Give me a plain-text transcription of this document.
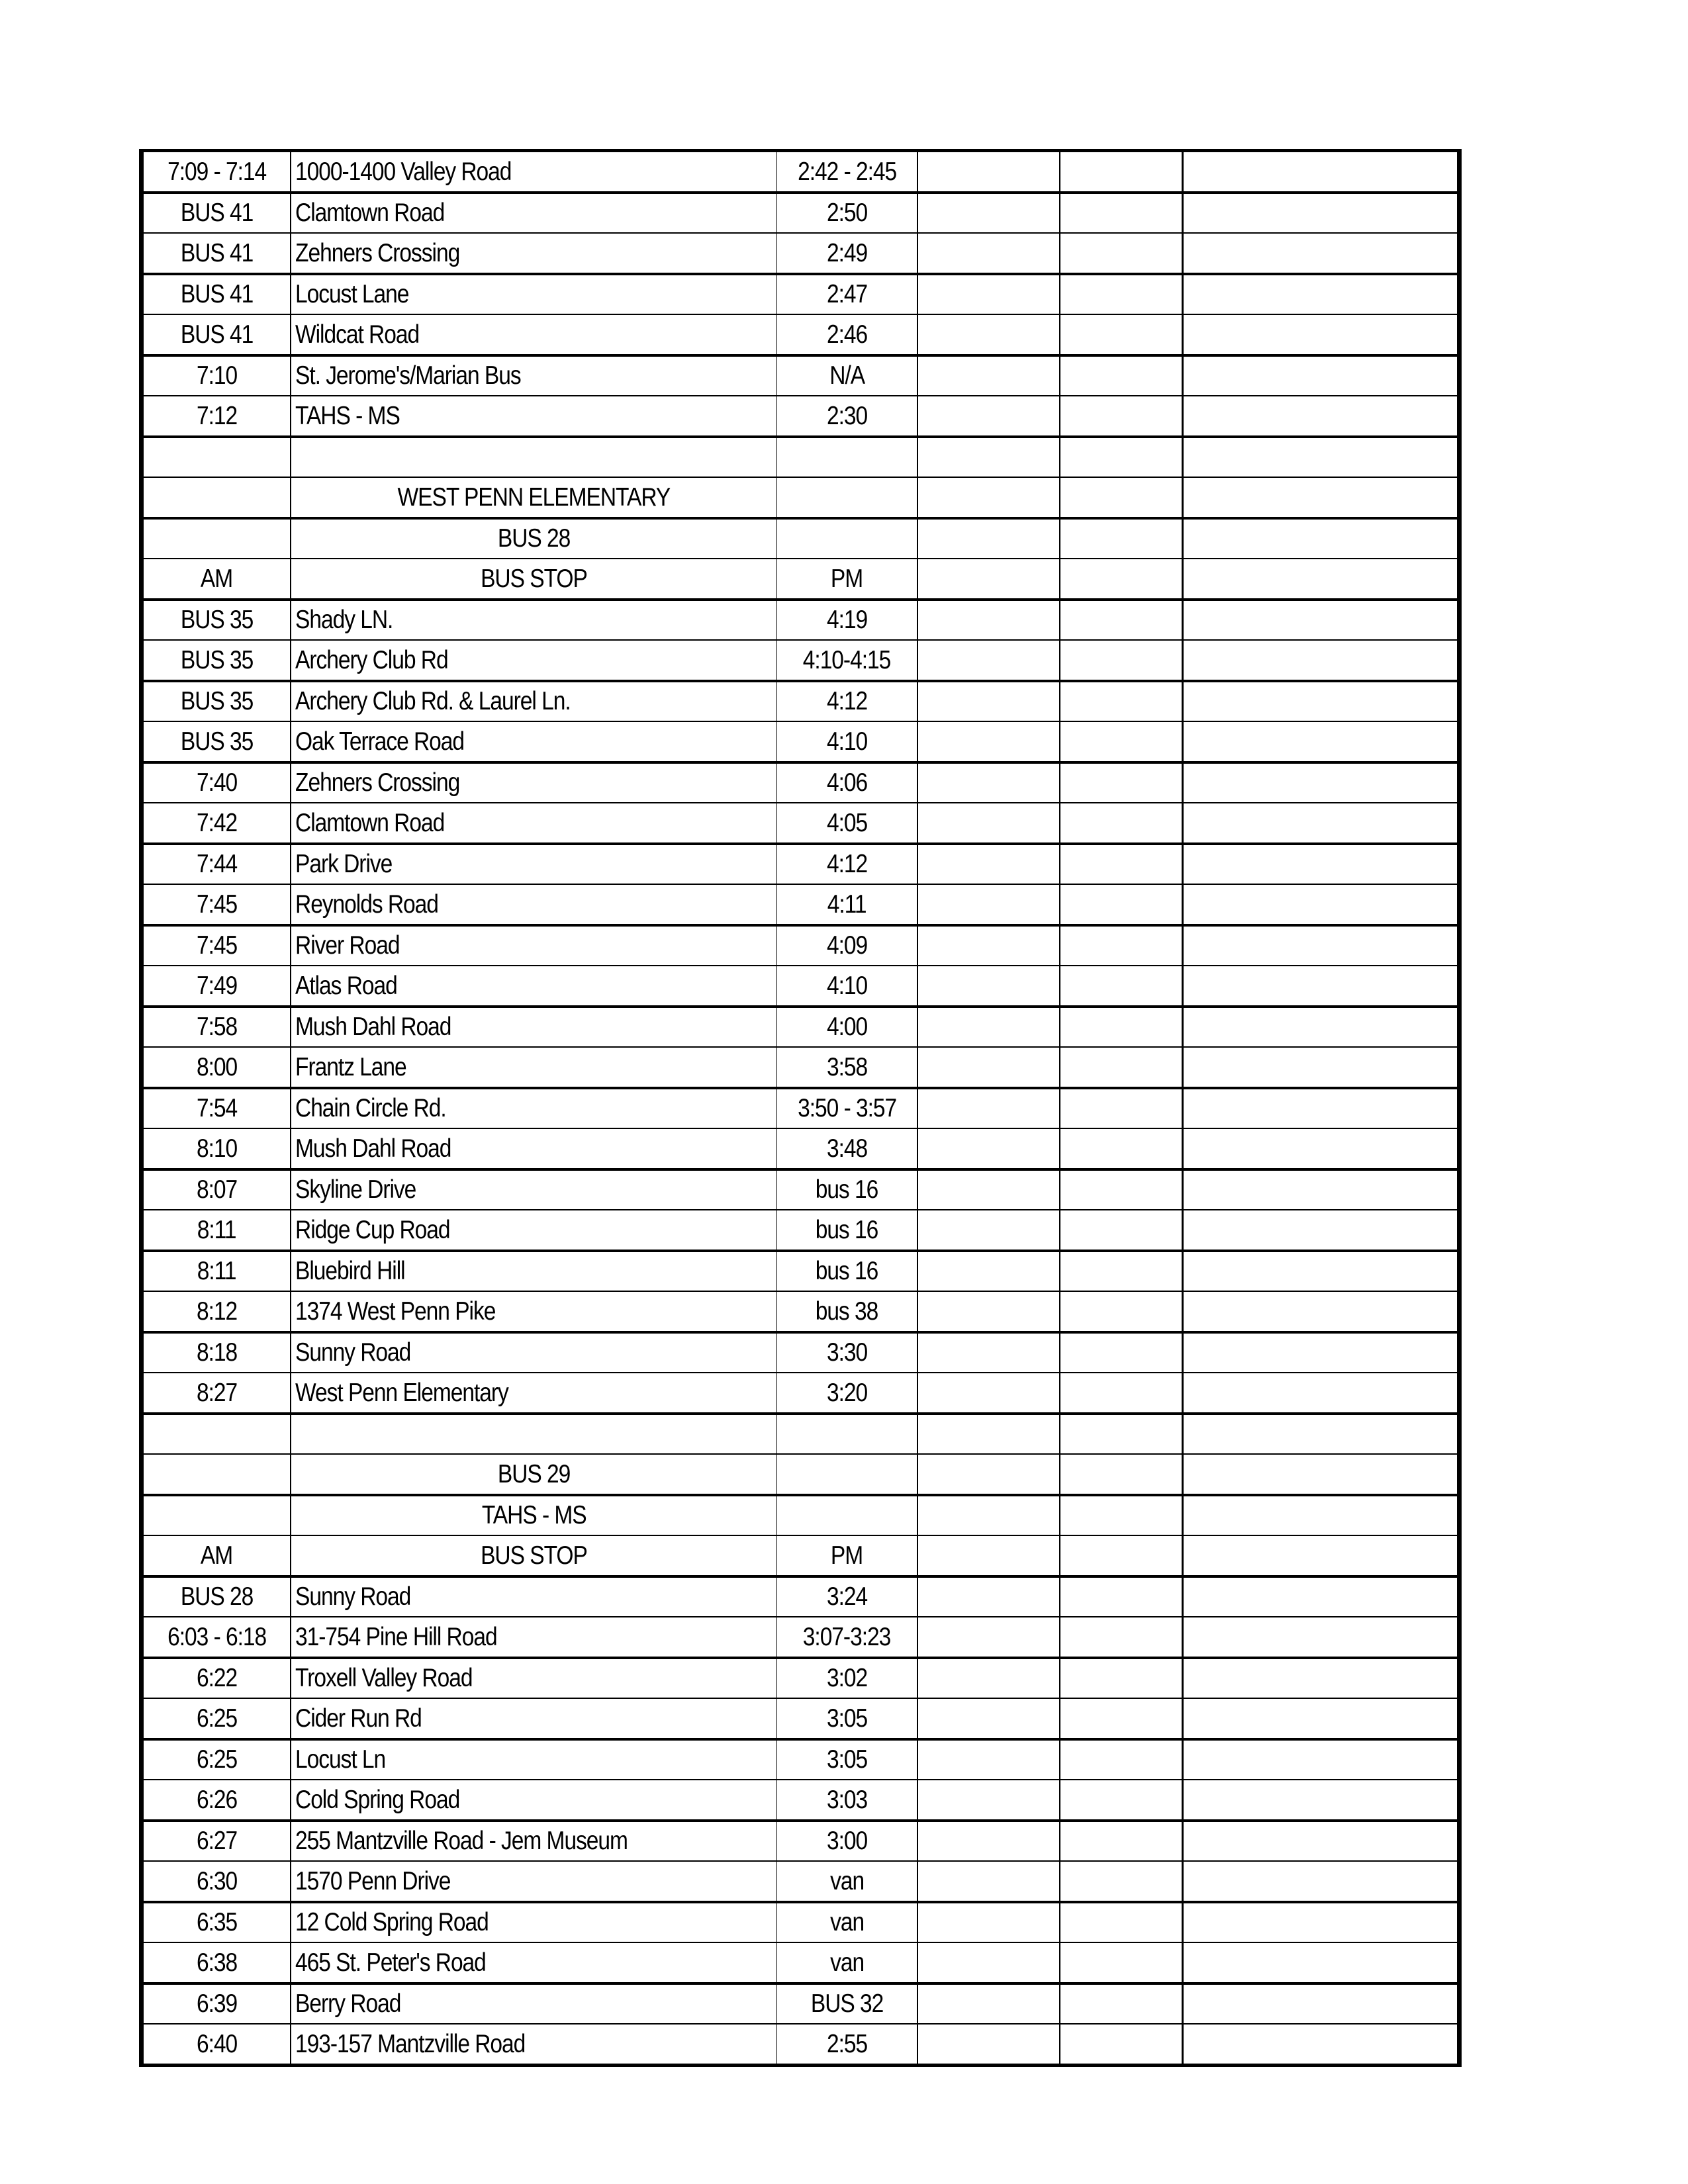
7:09 - 7:14	1000-1400 Valley Road	2:42 - 2:45			
BUS 41	Clamtown Road	2:50			
BUS 41	Zehners Crossing	2:49			
BUS 41	Locust Lane	2:47			
BUS 41	Wildcat Road	2:46			
7:10	St. Jerome's/Marian Bus	N/A			
7:12	TAHS - MS	2:30			

	WEST PENN ELEMENTARY				
	BUS 28				
AM	BUS STOP	PM			
BUS 35	Shady LN.	4:19			
BUS 35	Archery Club Rd	4:10-4:15			
BUS 35	Archery Club Rd. & Laurel Ln.	4:12			
BUS 35	Oak Terrace Road	4:10			
7:40	Zehners Crossing	4:06			
7:42	Clamtown Road	4:05			
7:44	Park Drive	4:12			
7:45	Reynolds Road	4:11			
7:45	River Road	4:09			
7:49	Atlas Road	4:10			
7:58	Mush Dahl Road	4:00			
8:00	Frantz Lane	3:58			
7:54	Chain Circle Rd.	3:50 - 3:57			
8:10	Mush Dahl Road	3:48			
8:07	Skyline Drive	bus 16			
8:11	Ridge Cup Road	bus 16			
8:11	Bluebird Hill	bus 16			
8:12	1374 West Penn Pike	bus 38			
8:18	Sunny Road	3:30			
8:27	West Penn Elementary	3:20			

	BUS 29				
	TAHS - MS				
AM	BUS STOP	PM			
BUS 28	Sunny Road	3:24			
6:03 - 6:18	31-754 Pine Hill Road	3:07-3:23			
6:22	Troxell Valley Road	3:02			
6:25	Cider Run Rd	3:05			
6:25	Locust Ln	3:05			
6:26	Cold Spring Road	3:03			
6:27	255 Mantzville Road - Jem Museum	3:00			
6:30	1570 Penn Drive	van			
6:35	12 Cold Spring Road	van			
6:38	465 St. Peter's Road	van			
6:39	Berry Road	BUS 32			
6:40	193-157 Mantzville Road	2:55			
